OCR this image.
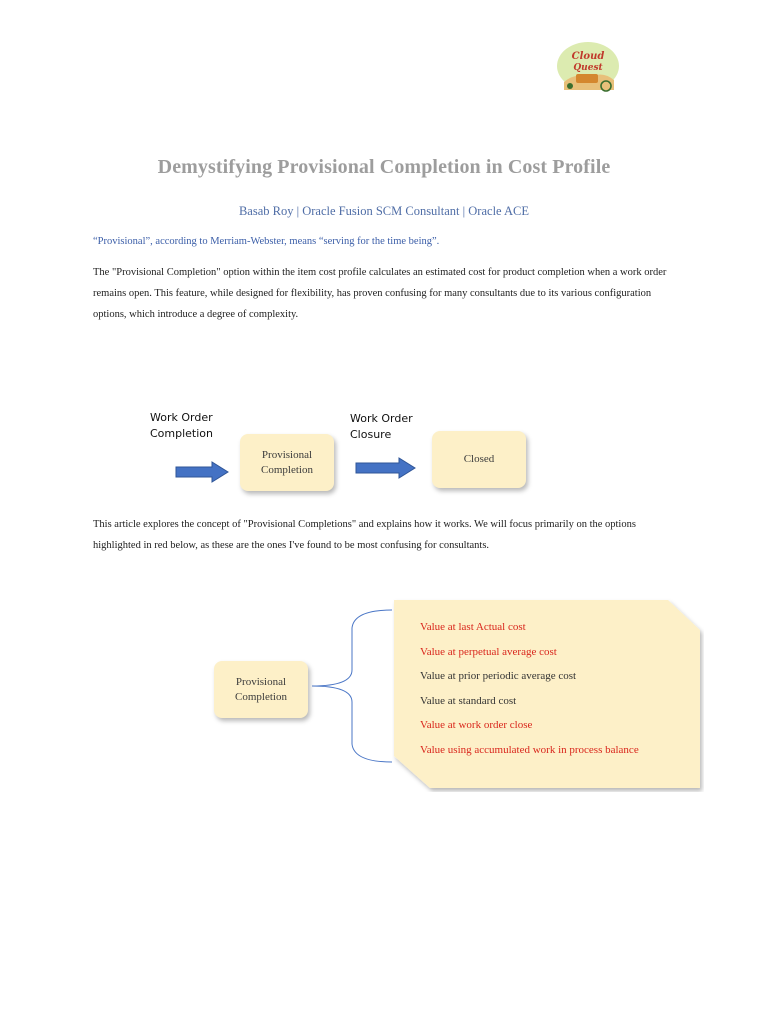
Cloud
Quest
Demystifying Provisional Completion in Cost Profile
Basab Roy | Oracle Fusion SCM Consultant | Oracle ACE
“Provisional”, according to Merriam-Webster, means “serving for the time being”.
The "Provisional Completion" option within the item cost profile calculates an estimated cost for product completion when a work order remains open. This feature, while designed for flexibility, has proven confusing for many consultants due to its various configuration options, which introduce a degree of complexity.
Work Order
Completion
Provisional
Completion
Work Order
Closure
Closed
This article explores the concept of "Provisional Completions" and explains how it works. We will focus primarily on the options highlighted in red below, as these are the ones I've found to be most confusing for consultants.
Provisional
Completion
Value at last Actual cost
Value at perpetual average cost
Value at prior periodic average cost
Value at standard cost
Value at work order close
Value using accumulated work in process balance
